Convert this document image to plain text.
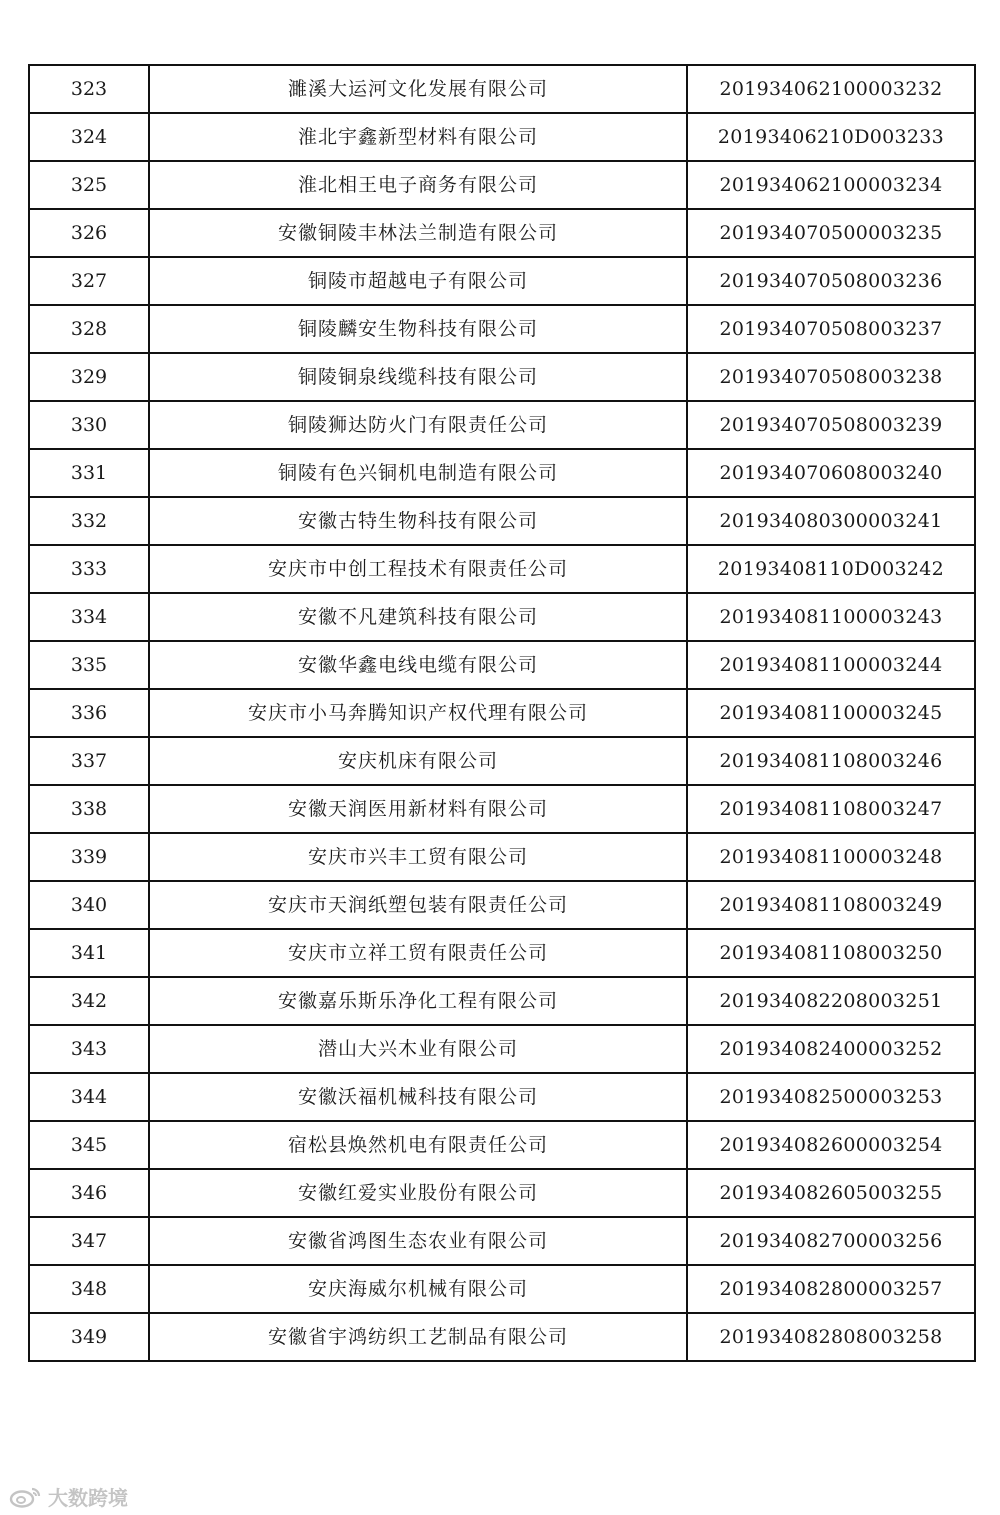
323	濉溪大运河文化发展有限公司	201934062100003232
324	淮北宇鑫新型材料有限公司	20193406210D003233
325	淮北相王电子商务有限公司	201934062100003234
326	安徽铜陵丰林法兰制造有限公司	201934070500003235
327	铜陵市超越电子有限公司	201934070508003236
328	铜陵麟安生物科技有限公司	201934070508003237
329	铜陵铜泉线缆科技有限公司	201934070508003238
330	铜陵狮达防火门有限责任公司	201934070508003239
331	铜陵有色兴铜机电制造有限公司	201934070608003240
332	安徽古特生物科技有限公司	201934080300003241
333	安庆市中创工程技术有限责任公司	20193408110D003242
334	安徽不凡建筑科技有限公司	201934081100003243
335	安徽华鑫电线电缆有限公司	201934081100003244
336	安庆市小马奔腾知识产权代理有限公司	201934081100003245
337	安庆机床有限公司	201934081108003246
338	安徽天润医用新材料有限公司	201934081108003247
339	安庆市兴丰工贸有限公司	201934081100003248
340	安庆市天润纸塑包装有限责任公司	201934081108003249
341	安庆市立祥工贸有限责任公司	201934081108003250
342	安徽嘉乐斯乐净化工程有限公司	201934082208003251
343	潜山大兴木业有限公司	201934082400003252
344	安徽沃福机械科技有限公司	201934082500003253
345	宿松县焕然机电有限责任公司	201934082600003254
346	安徽红爱实业股份有限公司	201934082605003255
347	安徽省鸿图生态农业有限公司	201934082700003256
348	安庆海威尔机械有限公司	201934082800003257
349	安徽省宇鸿纺织工艺制品有限公司	201934082808003258
大数跨境
